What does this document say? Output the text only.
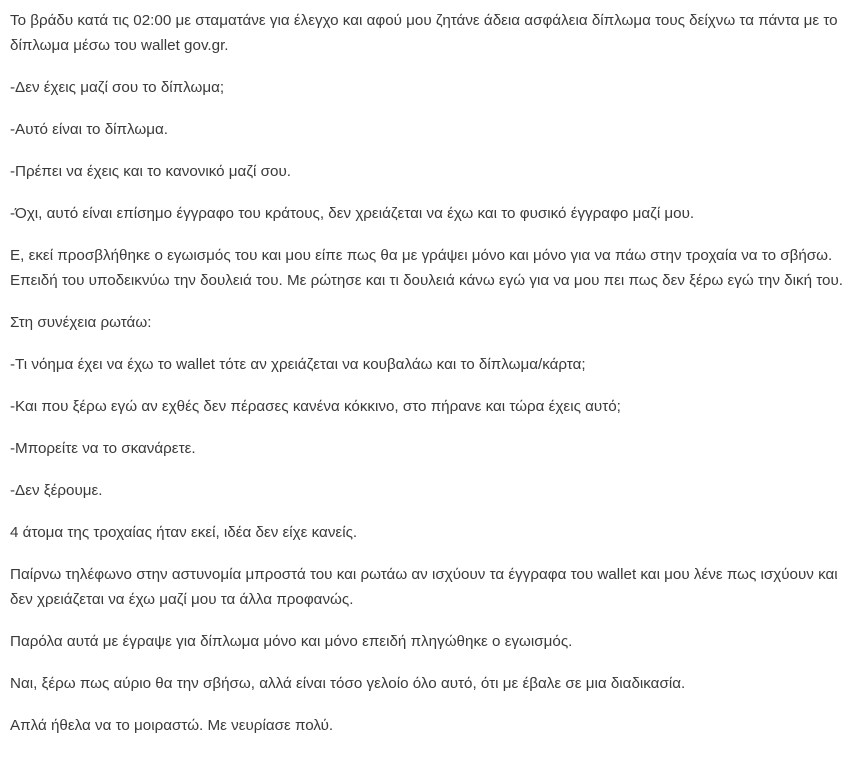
Το βράδυ κατά τις 02:00 με σταματάνε για έλεγχο και αφού μου ζητάνε άδεια ασφάλεια δίπλωμα τους δείχνω τα πάντα με το δίπλωμα μέσω του wallet gov.gr.

-Δεν έχεις μαζί σου το δίπλωμα;

-Αυτό είναι το δίπλωμα.

-Πρέπει να έχεις και το κανονικό μαζί σου.

-Όχι, αυτό είναι επίσημο έγγραφο του κράτους, δεν χρειάζεται να έχω και το φυσικό έγγραφο μαζί μου.

Ε, εκεί προσβλήθηκε ο εγωισμός του και μου είπε πως θα με γράψει μόνο και μόνο για να πάω στην τροχαία να το σβήσω. Επειδή του υποδεικνύω την δουλειά του. Με ρώτησε και τι δουλειά κάνω εγώ για να μου πει πως δεν ξέρω εγώ την δική του.

Στη συνέχεια ρωτάω:

-Τι νόημα έχει να έχω το wallet τότε αν χρειάζεται να κουβαλάω και το δίπλωμα/κάρτα;

-Και που ξέρω εγώ αν εχθές δεν πέρασες κανένα κόκκινο, στο πήρανε και τώρα έχεις αυτό;

-Μπορείτε να το σκανάρετε.

-Δεν ξέρουμε.

4 άτομα της τροχαίας ήταν εκεί, ιδέα δεν είχε κανείς.

Παίρνω τηλέφωνο στην αστυνομία μπροστά του και ρωτάω αν ισχύουν τα έγγραφα του wallet και μου λένε πως ισχύουν και δεν χρειάζεται να έχω μαζί μου τα άλλα προφανώς.

Παρόλα αυτά με έγραψε για δίπλωμα μόνο και μόνο επειδή πληγώθηκε ο εγωισμός.

Ναι, ξέρω πως αύριο θα την σβήσω, αλλά είναι τόσο γελοίο όλο αυτό, ότι με έβαλε σε μια διαδικασία.

Απλά ήθελα να το μοιραστώ. Με νευρίασε πολύ.
